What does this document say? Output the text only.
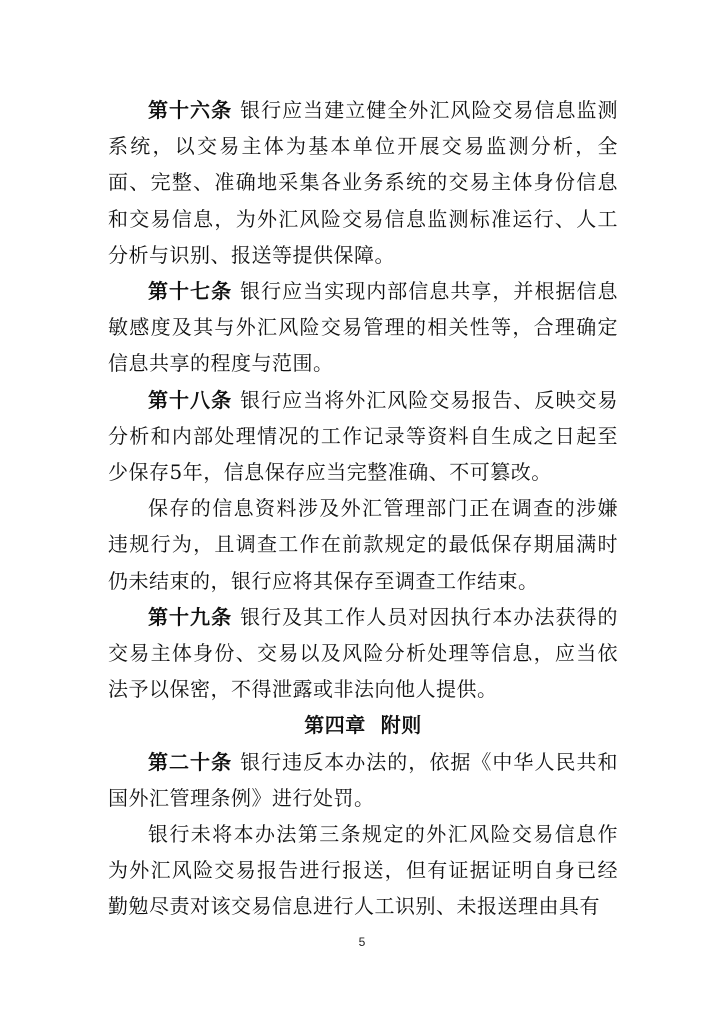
第十六条 银行应当建立健全外汇风险交易信息监测系统，以交易主体为基本单位开展交易监测分析，全面、完整、准确地采集各业务系统的交易主体身份信息和交易信息，为外汇风险交易信息监测标准运行、人工分析与识别、报送等提供保障。

第十七条 银行应当实现内部信息共享，并根据信息敏感度及其与外汇风险交易管理的相关性等，合理确定信息共享的程度与范围。

第十八条 银行应当将外汇风险交易报告、反映交易分析和内部处理情况的工作记录等资料自生成之日起至少保存5年，信息保存应当完整准确、不可篡改。

保存的信息资料涉及外汇管理部门正在调查的涉嫌违规行为，且调查工作在前款规定的最低保存期届满时仍未结束的，银行应将其保存至调查工作结束。

第十九条 银行及其工作人员对因执行本办法获得的交易主体身份、交易以及风险分析处理等信息，应当依法予以保密，不得泄露或非法向他人提供。

第四章  附则

第二十条 银行违反本办法的，依据《中华人民共和国外汇管理条例》进行处罚。

银行未将本办法第三条规定的外汇风险交易信息作为外汇风险交易报告进行报送，但有证据证明自身已经勤勉尽责对该交易信息进行人工识别、未报送理由具有

5
